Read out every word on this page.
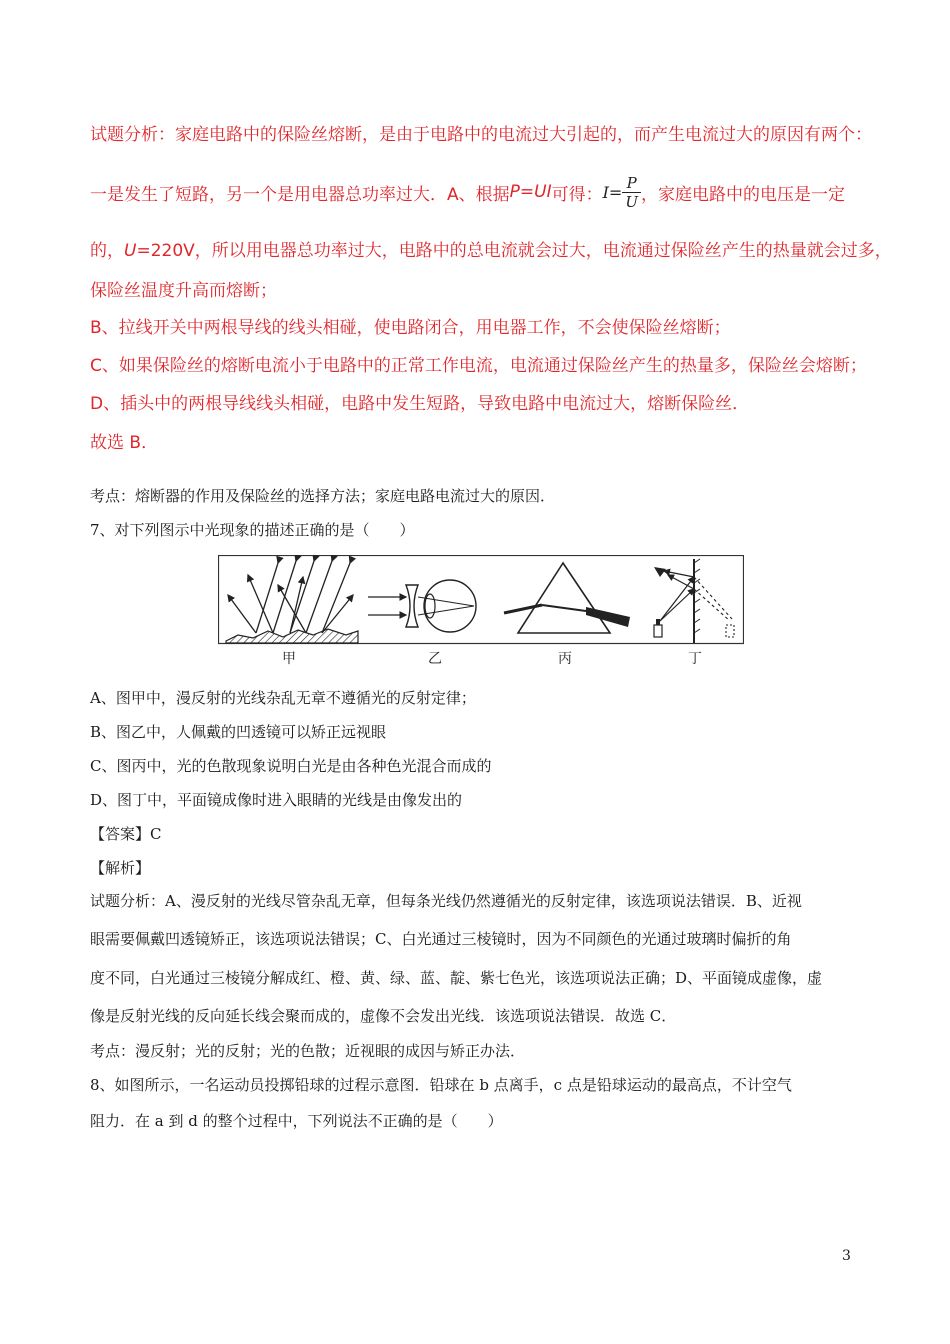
试题分析：家庭电路中的保险丝熔断，是由于电路中的电流过大引起的，而产生电流过大的原因有两个：
一是发生了短路，另一个是用电器总功率过大．A、根据 P=UI 可得： $I = \frac{P}{U}$ ，家庭电路中的电压是一定
的，U=220V，所以用电器总功率过大，电路中的总电流就会过大，电流通过保险丝产生的热量就会过多，
保险丝温度升高而熔断；
B、拉线开关中两根导线的线头相碰，使电路闭合，用电器工作，不会使保险丝熔断；
C、如果保险丝的熔断电流小于电路中的正常工作电流，电流通过保险丝产生的热量多，保险丝会熔断；
D、插头中的两根导线线头相碰，电路中发生短路，导致电路中电流过大，熔断保险丝．
故选 B．
考点：熔断器的作用及保险丝的选择方法；家庭电路电流过大的原因．
7、对下列图示中光现象的描述正确的是（　　）
甲	乙	丙	丁
A、图甲中，漫反射的光线杂乱无章不遵循光的反射定律；
B、图乙中，人佩戴的凹透镜可以矫正远视眼
C、图丙中，光的色散现象说明白光是由各种色光混合而成的
D、图丁中，平面镜成像时进入眼睛的光线是由像发出的
【答案】C
【解析】
试题分析：A、漫反射的光线尽管杂乱无章，但每条光线仍然遵循光的反射定律，该选项说法错误．B、近视
眼需要佩戴凹透镜矫正，该选项说法错误；C、白光通过三棱镜时，因为不同颜色的光通过玻璃时偏折的角
度不同，白光通过三棱镜分解成红、橙、黄、绿、蓝、靛、紫七色光，该选项说法正确；D、平面镜成虚像，虚
像是反射光线的反向延长线会聚而成的，虚像不会发出光线．该选项说法错误．故选 C．
考点：漫反射；光的反射；光的色散；近视眼的成因与矫正办法．
8、如图所示，一名运动员投掷铅球的过程示意图．铅球在 b 点离手，c 点是铅球运动的最高点，不计空气
阻力．在 a 到 d 的整个过程中，下列说法不正确的是（　　）
3
